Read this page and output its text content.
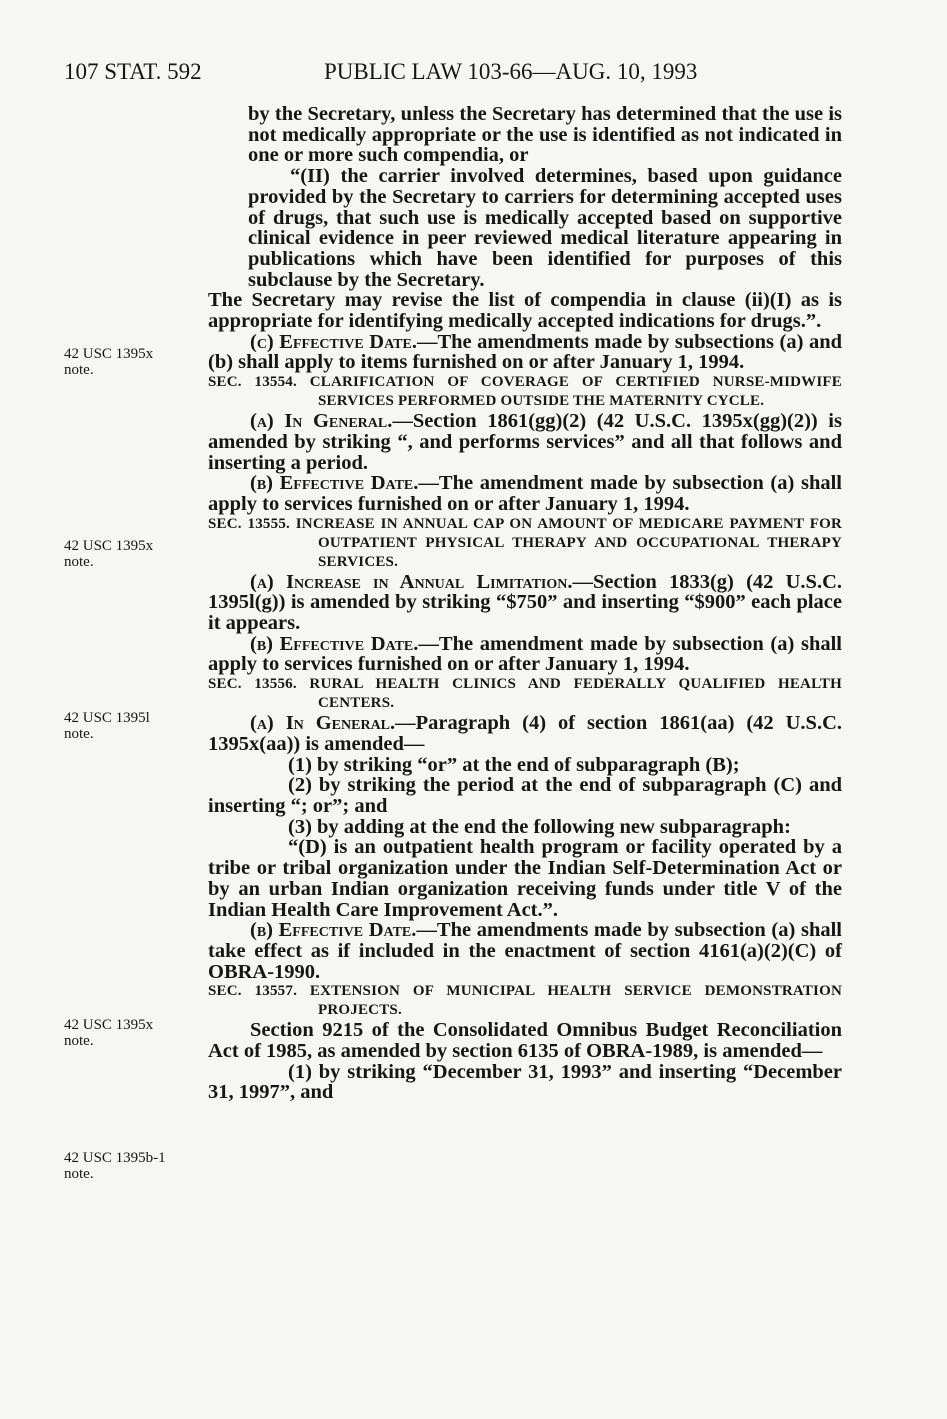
107 STAT. 592	PUBLIC LAW 103-66—AUG. 10, 1993
42 USC 1395x
note.
42 USC 1395x
note.
42 USC 1395l
note.
42 USC 1395x
note.
42 USC 1395b-1
note.

by the Secretary, unless the Secretary has determined that the use is not medically appropriate or the use is identified as not indicated in one or more such compendia, or

“(II) the carrier involved determines, based upon guidance provided by the Secretary to carriers for determining accepted uses of drugs, that such use is medically accepted based on supportive clinical evidence in peer reviewed medical literature appearing in publications which have been identified for purposes of this subclause by the Secretary.

The Secretary may revise the list of compendia in clause (ii)(I) as is appropriate for identifying medically accepted indications for drugs.”.

(c) Effective Date.—The amendments made by subsections (a) and (b) shall apply to items furnished on or after January 1, 1994.

SEC. 13554. CLARIFICATION OF COVERAGE OF CERTIFIED NURSE-MIDWIFE SERVICES PERFORMED OUTSIDE THE MATERNITY CYCLE.

(a) In General.—Section 1861(gg)(2) (42 U.S.C. 1395x(gg)(2)) is amended by striking “, and performs services” and all that follows and inserting a period.

(b) Effective Date.—The amendment made by subsection (a) shall apply to services furnished on or after January 1, 1994.

SEC. 13555. INCREASE IN ANNUAL CAP ON AMOUNT OF MEDICARE PAYMENT FOR OUTPATIENT PHYSICAL THERAPY AND OCCUPATIONAL THERAPY SERVICES.

(a) Increase in Annual Limitation.—Section 1833(g) (42 U.S.C. 1395l(g)) is amended by striking “$750” and inserting “$900” each place it appears.

(b) Effective Date.—The amendment made by subsection (a) shall apply to services furnished on or after January 1, 1994.

SEC. 13556. RURAL HEALTH CLINICS AND FEDERALLY QUALIFIED HEALTH CENTERS.

(a) In General.—Paragraph (4) of section 1861(aa) (42 U.S.C. 1395x(aa)) is amended—

(1) by striking “or” at the end of subparagraph (B);

(2) by striking the period at the end of subparagraph (C) and inserting “; or”; and

(3) by adding at the end the following new subparagraph:

“(D) is an outpatient health program or facility operated by a tribe or tribal organization under the Indian Self-Determination Act or by an urban Indian organization receiving funds under title V of the Indian Health Care Improvement Act.”.

(b) Effective Date.—The amendments made by subsection (a) shall take effect as if included in the enactment of section 4161(a)(2)(C) of OBRA-1990.

SEC. 13557. EXTENSION OF MUNICIPAL HEALTH SERVICE DEMONSTRATION PROJECTS.

Section 9215 of the Consolidated Omnibus Budget Reconciliation Act of 1985, as amended by section 6135 of OBRA-1989, is amended—

(1) by striking “December 31, 1993” and inserting “December 31, 1997”, and
